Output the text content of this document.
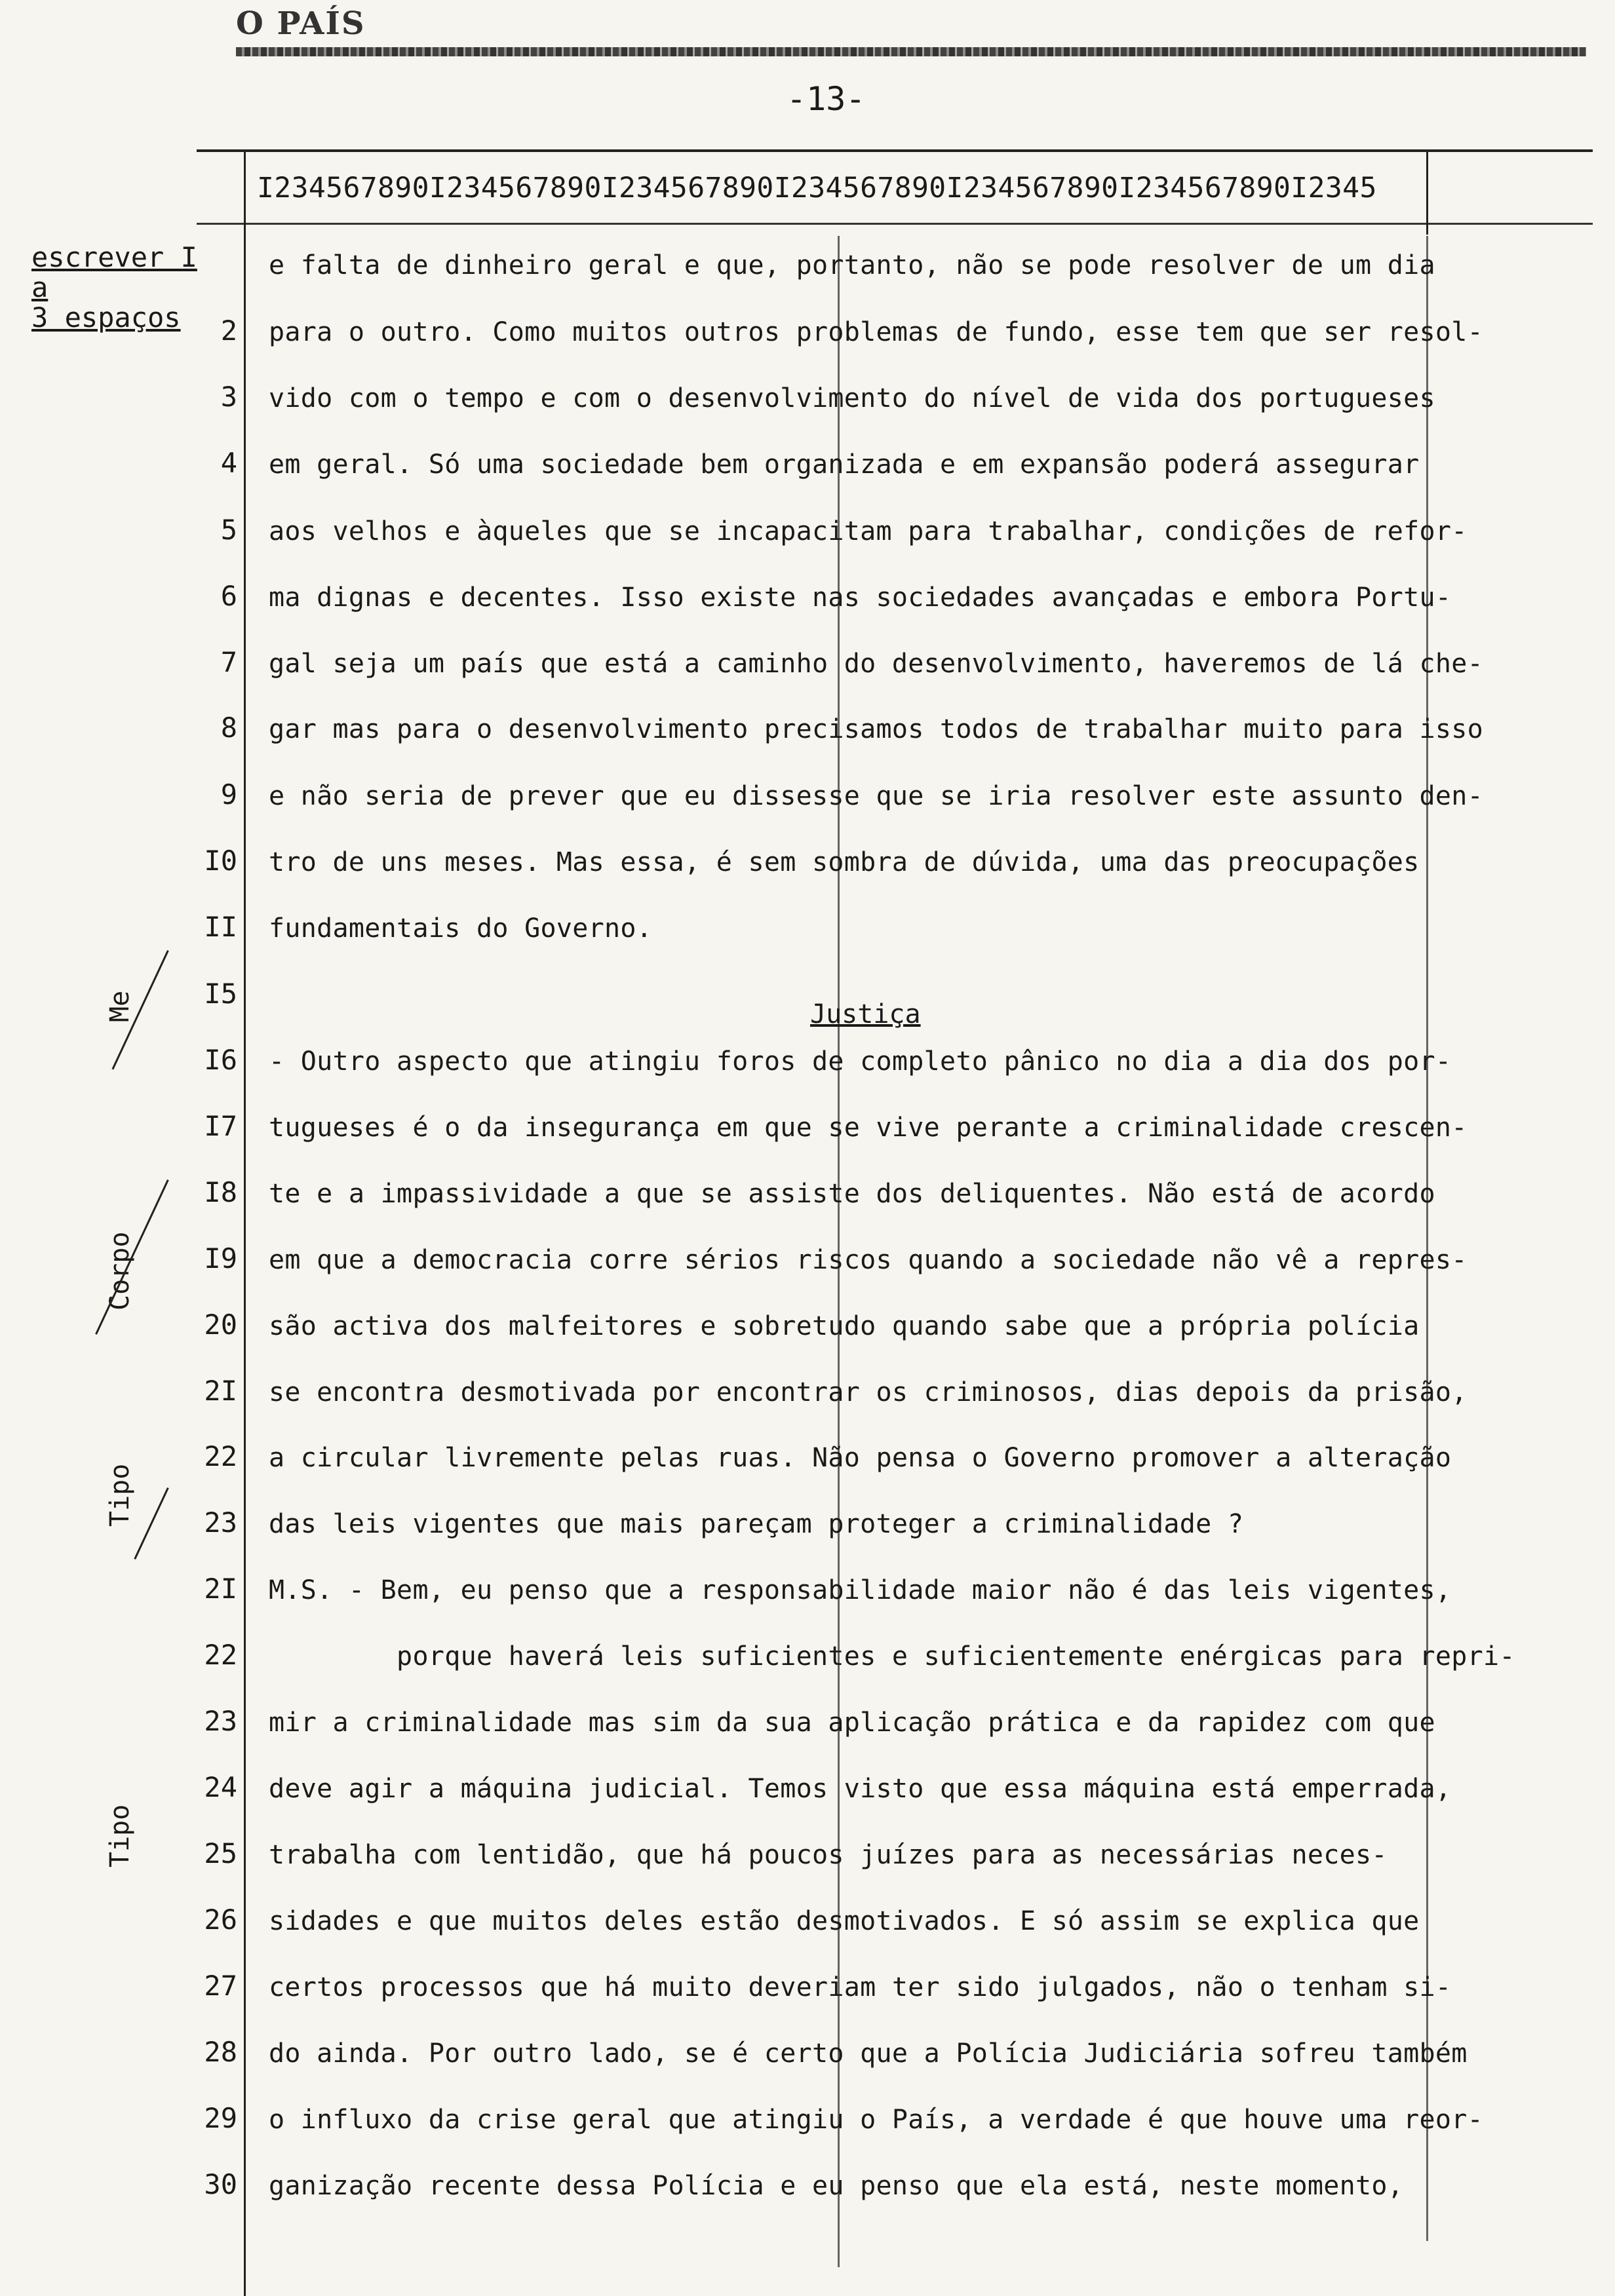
O PAÍS
-13-
I234567890I234567890I234567890I234567890I234567890I234567890I2345
escrever I
a
3 espaços
Me
Corpo
Tipo
Tipo
e falta de dinheiro geral e que, portanto, não se pode resolver de um dia
2 para o outro. Como muitos outros problemas de fundo, esse tem que ser resol-
3 vido com o tempo e com o desenvolvimento do nível de vida dos portugueses
4 em geral. Só uma sociedade bem organizada e em expansão poderá assegurar
5 aos velhos e àqueles que se incapacitam para trabalhar, condições de refor-
6 ma dignas e decentes. Isso existe nas sociedades avançadas e embora Portu-
7 gal seja um país que está a caminho do desenvolvimento, haveremos de lá che-
8 gar mas para o desenvolvimento precisamos todos de trabalhar muito para isso
9 e não seria de prever que eu dissesse que se iria resolver este assunto den-
I0 tro de uns meses. Mas essa, é sem sombra de dúvida, uma das preocupações
II fundamentais do Governo.
I5
I6 - Outro aspecto que atingiu foros de completo pânico no dia a dia dos por-
I7 tugueses é o da insegurança em que se vive perante a criminalidade crescen-
I8 te e a impassividade a que se assiste dos deliquentes. Não está de acordo
I9 em que a democracia corre sérios riscos quando a sociedade não vê a repres-
20 são activa dos malfeitores e sobretudo quando sabe que a própria polícia
2I se encontra desmotivada por encontrar os criminosos, dias depois da prisão,
22 a circular livremente pelas ruas. Não pensa o Governo promover a alteração
23 das leis vigentes que mais pareçam proteger a criminalidade ?
2I M.S. - Bem, eu penso que a responsabilidade maior não é das leis vigentes,
22 porque haverá leis suficientes e suficientemente enérgicas para repri-
23 mir a criminalidade mas sim da sua aplicação prática e da rapidez com que
24 deve agir a máquina judicial. Temos visto que essa máquina está emperrada,
25 trabalha com lentidão, que há poucos juízes para as necessárias neces-
26 sidades e que muitos deles estão desmotivados. E só assim se explica que
27 certos processos que há muito deveriam ter sido julgados, não o tenham si-
28 do ainda. Por outro lado, se é certo que a Polícia Judiciária sofreu também
29 o influxo da crise geral que atingiu o País, a verdade é que houve uma reor-
30 ganização recente dessa Polícia e eu penso que ela está, neste momento,
Justiça
